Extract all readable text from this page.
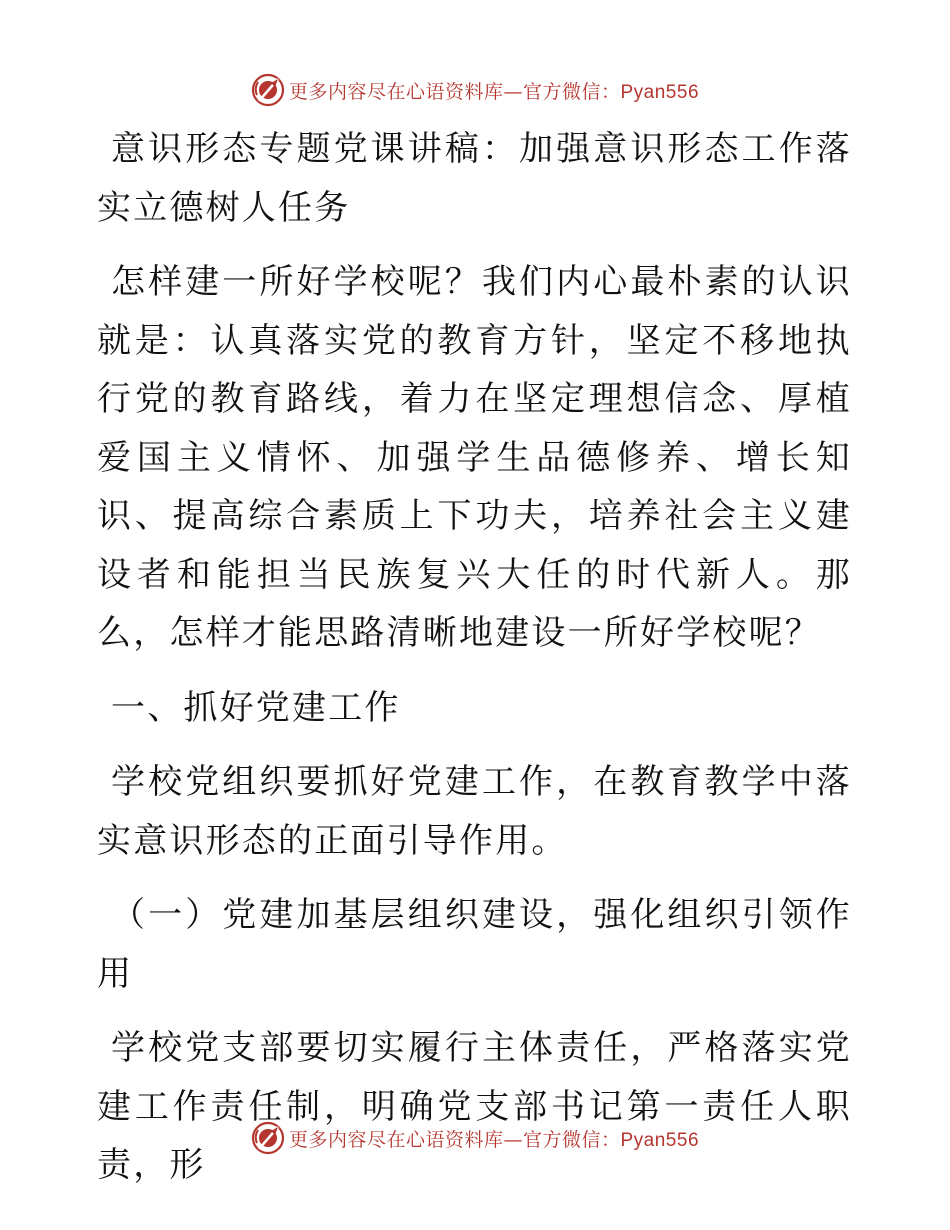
更多内容尽在心语资料库—官方微信：Pyan556

意识形态专题党课讲稿：加强意识形态工作落实立德树人任务

怎样建一所好学校呢？我们内心最朴素的认识就是：认真落实党的教育方针，坚定不移地执行党的教育路线，着力在坚定理想信念、厚植爱国主义情怀、加强学生品德修养、增长知识、提高综合素质上下功夫，培养社会主义建设者和能担当民族复兴大任的时代新人。那么，怎样才能思路清晰地建设一所好学校呢？

一、抓好党建工作

学校党组织要抓好党建工作，在教育教学中落实意识形态的正面引导作用。

（一）党建加基层组织建设，强化组织引领作用

学校党支部要切实履行主体责任，严格落实党建工作责任制，明确党支部书记第一责任人职责，形

更多内容尽在心语资料库—官方微信：Pyan556
